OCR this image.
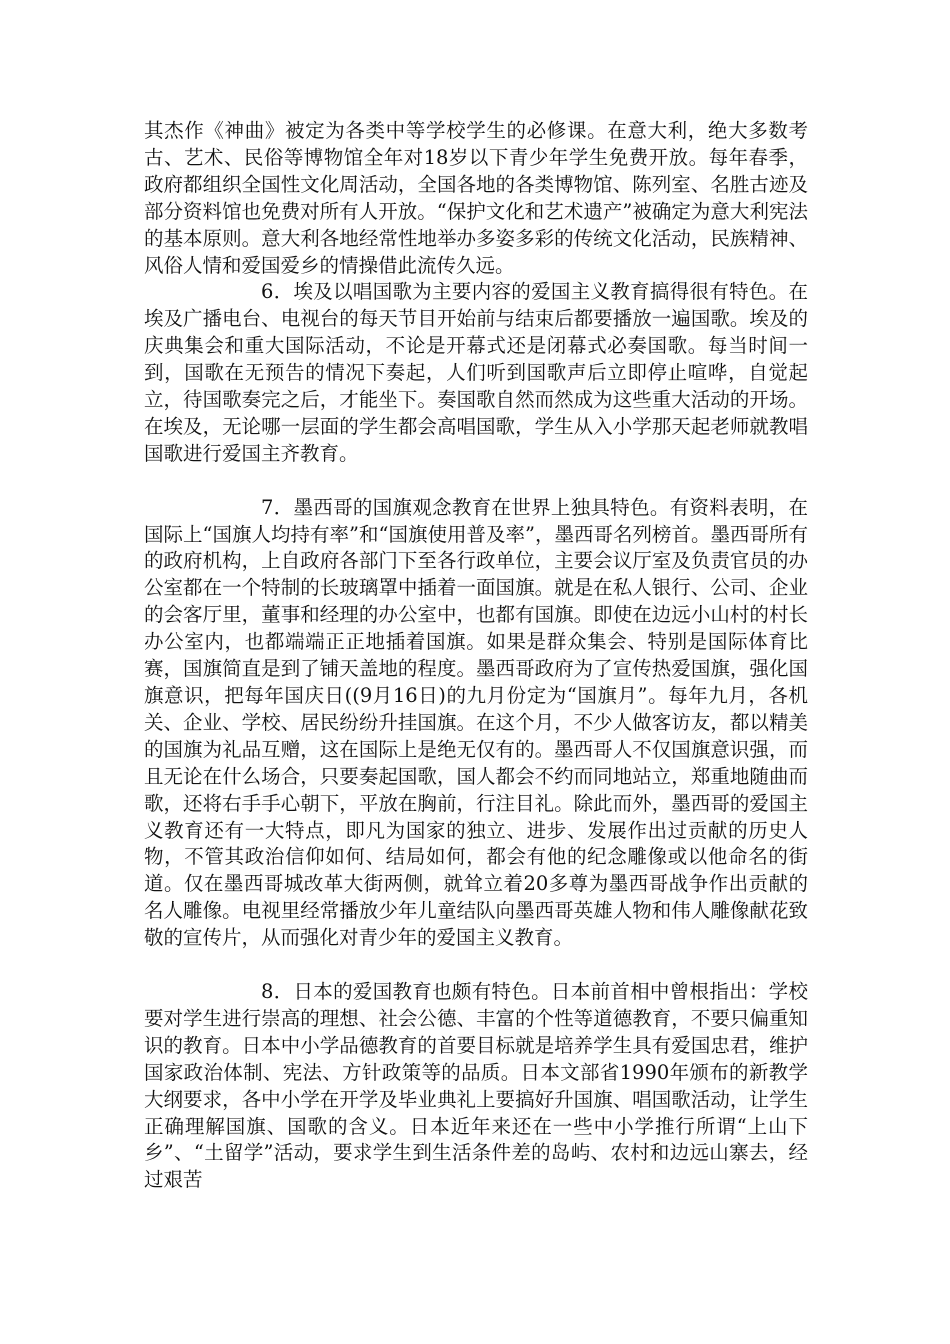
其杰作《神曲》被定为各类中等学校学生的必修课。在意大利，绝大多数考古、艺术、民俗等博物馆全年对18岁以下青少年学生免费开放。每年春季，政府都组织全国性文化周活动，全国各地的各类博物馆、陈列室、名胜古迹及部分资料馆也免费对所有人开放。“保护文化和艺术遗产”被确定为意大利宪法的基本原则。意大利各地经常性地举办多姿多彩的传统文化活动，民族精神、风俗人情和爱国爱乡的情操借此流传久远。

6．埃及以唱国歌为主要内容的爱国主义教育搞得很有特色。在埃及广播电台、电视台的每天节目开始前与结束后都要播放一遍国歌。埃及的庆典集会和重大国际活动，不论是开幕式还是闭幕式必奏国歌。每当时间一到，国歌在无预告的情况下奏起，人们听到国歌声后立即停止喧哗，自觉起立，待国歌奏完之后，才能坐下。奏国歌自然而然成为这些重大活动的开场。在埃及，无论哪一层面的学生都会高唱国歌，学生从入小学那天起老师就教唱国歌进行爱国主齐教育。

7．墨西哥的国旗观念教育在世界上独具特色。有资料表明，在国际上“国旗人均持有率”和“国旗使用普及率”，墨西哥名列榜首。墨西哥所有的政府机构，上自政府各部门下至各行政单位，主要会议厅室及负责官员的办公室都在一个特制的长玻璃罩中插着一面国旗。就是在私人银行、公司、企业的会客厅里，董事和经理的办公室中，也都有国旗。即使在边远小山村的村长办公室内，也都端端正正地插着国旗。如果是群众集会、特别是国际体育比赛，国旗简直是到了铺天盖地的程度。墨西哥政府为了宣传热爱国旗，强化国旗意识，把每年国庆日((9月16日)的九月份定为“国旗月”。每年九月，各机关、企业、学校、居民纷纷升挂国旗。在这个月，不少人做客访友，都以精美的国旗为礼品互赠，这在国际上是绝无仅有的。墨西哥人不仅国旗意识强，而且无论在什么场合，只要奏起国歌，国人都会不约而同地站立，郑重地随曲而歌，还将右手手心朝下，平放在胸前，行注目礼。除此而外，墨西哥的爱国主义教育还有一大特点，即凡为国家的独立、进步、发展作出过贡献的历史人物，不管其政治信仰如何、结局如何，都会有他的纪念雕像或以他命名的街道。仅在墨西哥城改革大街两侧，就耸立着20多尊为墨西哥战争作出贡献的名人雕像。电视里经常播放少年儿童结队向墨西哥英雄人物和伟人雕像献花致敬的宣传片，从而强化对青少年的爱国主义教育。

8．日本的爱国教育也颇有特色。日本前首相中曾根指出：学校要对学生进行崇高的理想、社会公德、丰富的个性等道德教育，不要只偏重知识的教育。日本中小学品德教育的首要目标就是培养学生具有爱国忠君，维护国家政治体制、宪法、方针政策等的品质。日本文部省1990年颁布的新教学大纲要求，各中小学在开学及毕业典礼上要搞好升国旗、唱国歌活动，让学生正确理解国旗、国歌的含义。日本近年来还在一些中小学推行所谓“上山下乡”、“土留学”活动，要求学生到生活条件差的岛屿、农村和边远山寨去，经过艰苦
